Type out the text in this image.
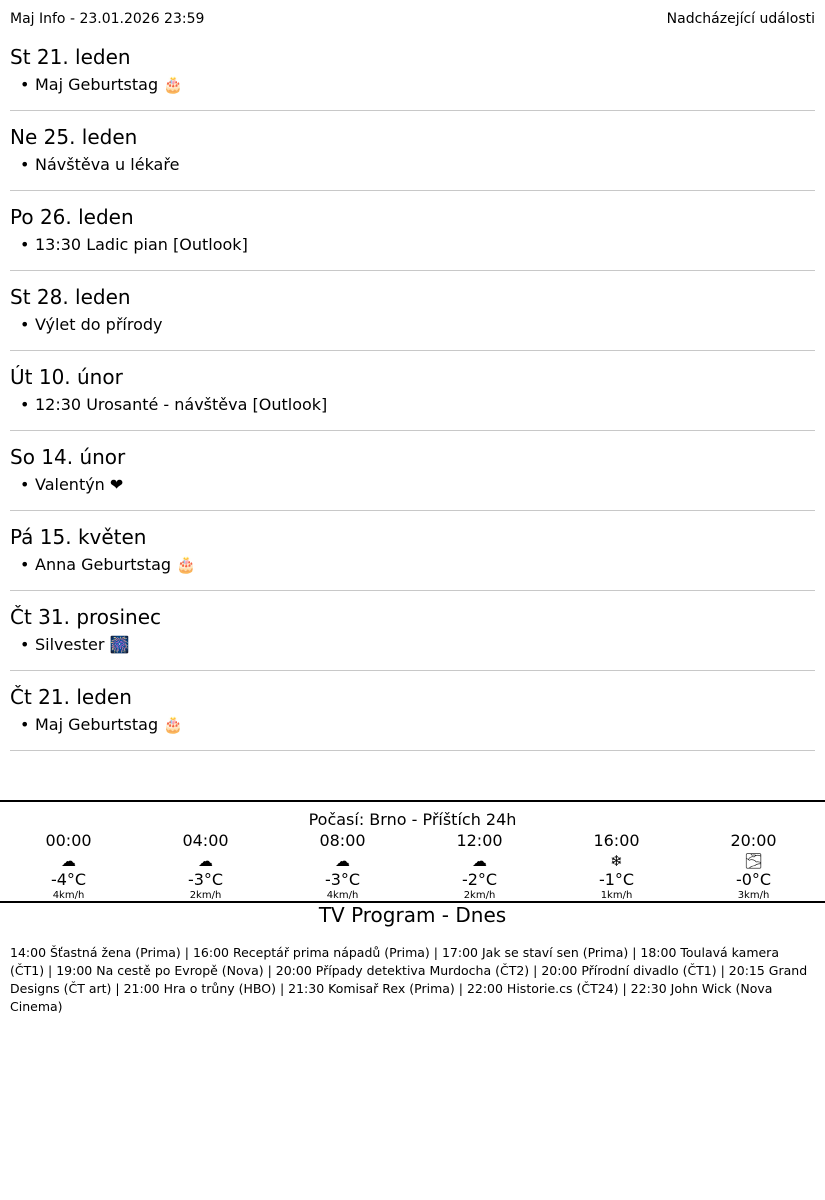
Maj Info - 23.01.2026 23:59	Nadcházející události
St 21. leden
• Maj Geburtstag 🎂
Ne 25. leden
• Návštěva u lékaře
Po 26. leden
• 13:30 Ladic pian [Outlook]
St 28. leden
• Výlet do přírody
Út 10. únor
• 12:30 Urosanté - návštěva [Outlook]
So 14. únor
• Valentýn ❤
Pá 15. květen
• Anna Geburtstag 🎂
Čt 31. prosinec
• Silvester 🎆
Čt 21. leden
• Maj Geburtstag 🎂
Počasí: Brno - Příštích 24h
00:00
☁
-4°C
4km/h
04:00
☁
-3°C
2km/h
08:00
☁
-3°C
4km/h
12:00
☁
-2°C
2km/h
16:00
❄
-1°C
1km/h
20:00
🌫
-0°C
3km/h
TV Program - Dnes
14:00 Šťastná žena (Prima) | 16:00 Receptář prima nápadů (Prima) | 17:00 Jak se staví sen (Prima) | 18:00 Toulavá kamera (ČT1) | 19:00 Na cestě po Evropě (Nova) | 20:00 Případy detektiva Murdocha (ČT2) | 20:00 Přírodní divadlo (ČT1) | 20:15 Grand Designs (ČT art) | 21:00 Hra o trůny (HBO) | 21:30 Komisař Rex (Prima) | 22:00 Historie.cs (ČT24) | 22:30 John Wick (Nova Cinema)
